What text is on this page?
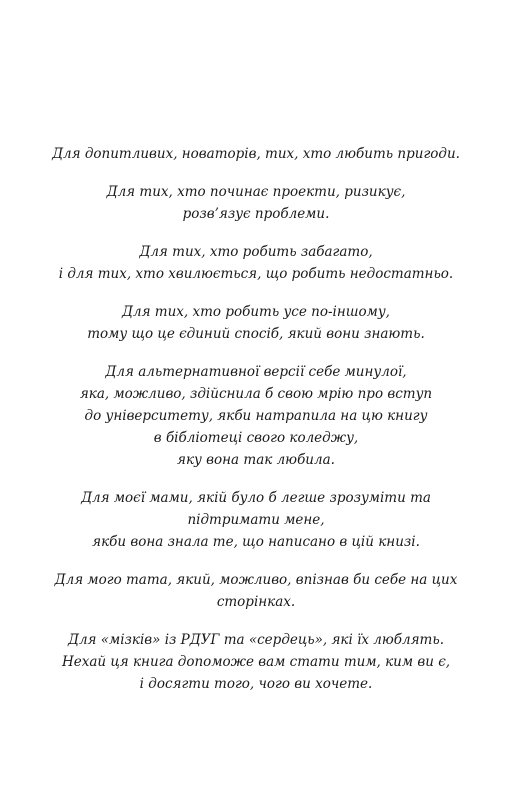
Для допитливих, новаторів, тих, хто любить пригоди.
Для тих, хто починає проекти, ризикує,
розв’язує проблеми.
Для тих, хто робить забагато,
і для тих, хто хвилюється, що робить недостатньо.
Для тих, хто робить усе по-іншому,
тому що це єдиний спосіб, який вони знають.
Для альтернативної версії себе минулої,
яка, можливо, здійснила б свою мрію про вступ
до університету, якби натрапила на цю книгу
в бібліотеці свого коледжу,
яку вона так любила.
Для моєї мами, якій було б легше зрозуміти та
підтримати мене,
якби вона знала те, що написано в цій книзі.
Для мого тата, який, можливо, впізнав би себе на цих
сторінках.
Для «мізків» із РДУГ та «сердець», які їх люблять.
Нехай ця книга допоможе вам стати тим, ким ви є,
і досягти того, чого ви хочете.
